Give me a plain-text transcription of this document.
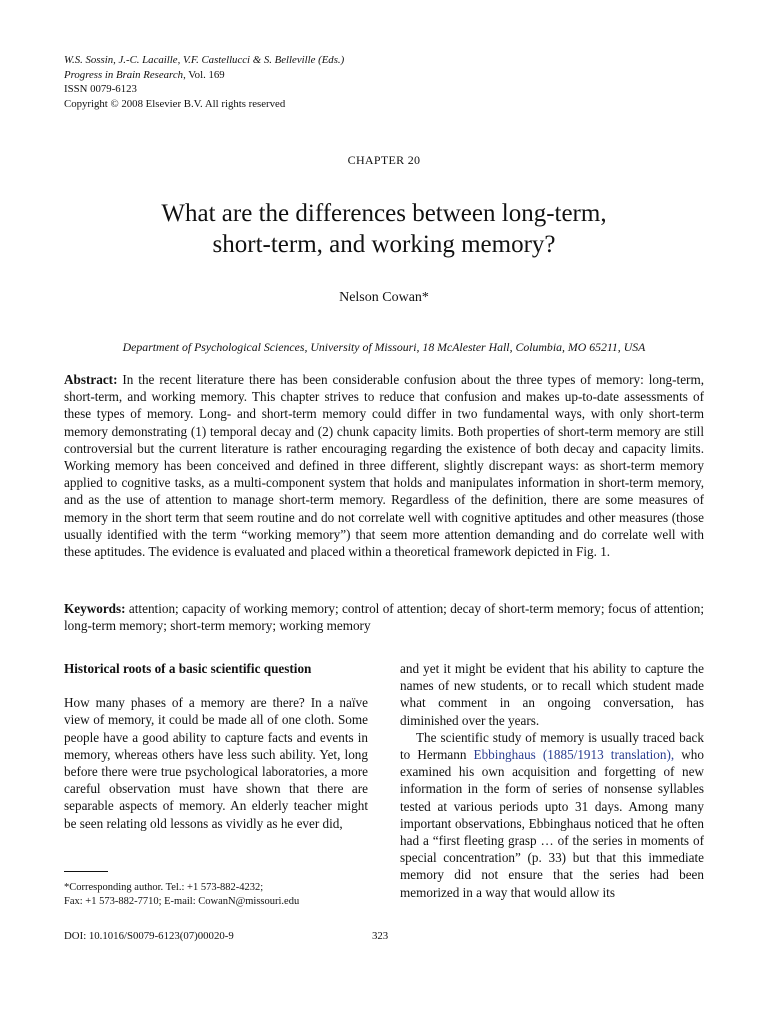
W.S. Sossin, J.-C. Lacaille, V.F. Castellucci & S. Belleville (Eds.)
Progress in Brain Research, Vol. 169
ISSN 0079-6123
Copyright © 2008 Elsevier B.V. All rights reserved
CHAPTER 20
What are the differences between long-term,
short-term, and working memory?
Nelson Cowan*
Department of Psychological Sciences, University of Missouri, 18 McAlester Hall, Columbia, MO 65211, USA
Abstract: In the recent literature there has been considerable confusion about the three types of memory: long-term, short-term, and working memory. This chapter strives to reduce that confusion and makes up-to-date assessments of these types of memory. Long- and short-term memory could differ in two fundamental ways, with only short-term memory demonstrating (1) temporal decay and (2) chunk capacity limits. Both properties of short-term memory are still controversial but the current literature is rather encouraging regarding the existence of both decay and capacity limits. Working memory has been conceived and defined in three different, slightly discrepant ways: as short-term memory applied to cognitive tasks, as a multi-component system that holds and manipulates information in short-term memory, and as the use of attention to manage short-term memory. Regardless of the definition, there are some measures of memory in the short term that seem routine and do not correlate well with cognitive aptitudes and other measures (those usually identified with the term “working memory”) that seem more attention demanding and do correlate well with these aptitudes. The evidence is evaluated and placed within a theoretical framework depicted in Fig. 1.
Keywords: attention; capacity of working memory; control of attention; decay of short-term memory; focus of attention; long-term memory; short-term memory; working memory

Historical roots of a basic scientific question

How many phases of a memory are there? In a naïve view of memory, it could be made all of one cloth. Some people have a good ability to capture facts and events in memory, whereas others have less such ability. Yet, long before there were true psychological laboratories, a more careful observation must have shown that there are separable aspects of memory. An elderly teacher might be seen relating old lessons as vividly as he ever did,

and yet it might be evident that his ability to capture the names of new students, or to recall which student made what comment in an ongoing conversation, has diminished over the years.

The scientific study of memory is usually traced back to Hermann Ebbinghaus (1885/1913 translation), who examined his own acquisition and forgetting of new information in the form of series of nonsense syllables tested at various periods upto 31 days. Among many important observations, Ebbinghaus noticed that he often had a “first fleeting grasp … of the series in moments of special concentration” (p. 33) but that this immediate memory did not ensure that the series had been memorized in a way that would allow its

*Corresponding author. Tel.: +1 573-882-4232;
Fax: +1 573-882-7710; E-mail: CowanN@missouri.edu
DOI: 10.1016/S0079-6123(07)00020-9	323
